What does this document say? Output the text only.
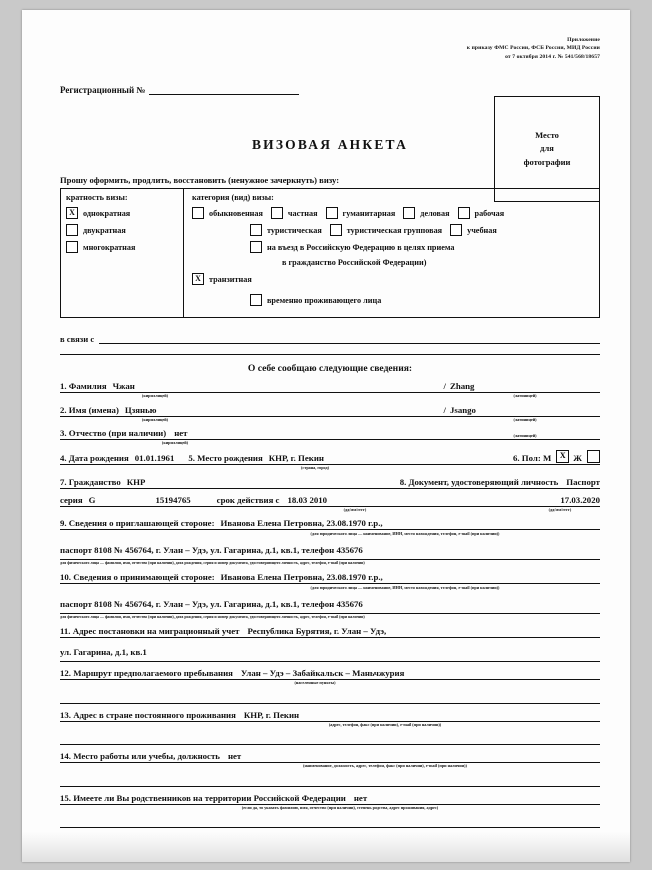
Приложение
к приказу ФМС России, ФСБ России, МИД России
от 7 октября 2014 г. № 541/568/18657
Регистрационный №
Место
для
фотографии
ВИЗОВАЯ АНКЕТА
Прошу оформить, продлить, восстановить (ненужное зачеркнуть) визу:
кратность визы:
X однократная
двукратная
многократная
категория (вид) визы:
обыкновенная	частная	гуманитарная	деловая	рабочая
туристическая	туристическая групповая	учебная
на въезд в Российскую Федерацию в целях приема
в гражданство Российской Федерации)
X транзитная
временно проживающего лица
в связи с
О себе сообщаю следующие сведения:
1. Фамилия Чжан	/ Zhang
(кириллицей)	(латиницей)
2. Имя (имена) Цзянью	/ Jsango
(кириллицей)	(латиницей)
3. Отчество (при наличии) нет	(латиницей)
(кириллицей)
4. Дата рождения 01.01.1961 5. Место рождения КНР, г. Пекин	6. Пол: М	X Ж
(страна, город)
7. Гражданство КНР	8. Документ, удостоверяющий личность Паспорт
серия G	15194765	срок действия с 18.03 2010	17.03.2020
(дд/мм/гггг)	(дд/мм/гггг)
9. Сведения о приглашающей стороне: Иванова Елена Петровна, 23.08.1970 г.р.,
(для юридического лица — наименование, ИНН, место нахождения, телефон, e-mail (при наличии))
паспорт 8108 № 456764, г. Улан – Удэ, ул. Гагарина, д.1, кв.1, телефон 435676
для физического лица — фамилия, имя, отчество (при наличии), дата рождения, серия и номер документа, удостоверяющего личность, адрес, телефон, e-mail (при наличии)
10. Сведения о принимающей стороне: Иванова Елена Петровна, 23.08.1970 г.р.,
(для юридического лица — наименование, ИНН, место нахождения, телефон, e-mail (при наличии))
паспорт 8108 № 456764, г. Улан – Удэ, ул. Гагарина, д.1, кв.1, телефон 435676
для физического лица — фамилия, имя, отчество (при наличии), дата рождения, серия и номер документа, удостоверяющего личность, адрес, телефон, e-mail (при наличии)
11. Адрес постановки на миграционный учет Республика Бурятия, г. Улан – Удэ,
ул. Гагарина, д.1, кв.1
12. Маршрут предполагаемого пребывания Улан – Удэ – Забайкальск – Маньчжурия
(населенные пункты)
13. Адрес в стране постоянного проживания КНР, г. Пекин
(адрес, телефон, факс (при наличии), e-mail (при наличии))
14. Место работы или учебы, должность нет
(наименование, должность, адрес, телефон, факс (при наличии), e-mail (при наличии))
15. Имеете ли Вы родственников на территории Российской Федерации нет
(если да, то указать фамилию, имя, отчество (при наличии), степень родства, адрес проживания, адрес)
